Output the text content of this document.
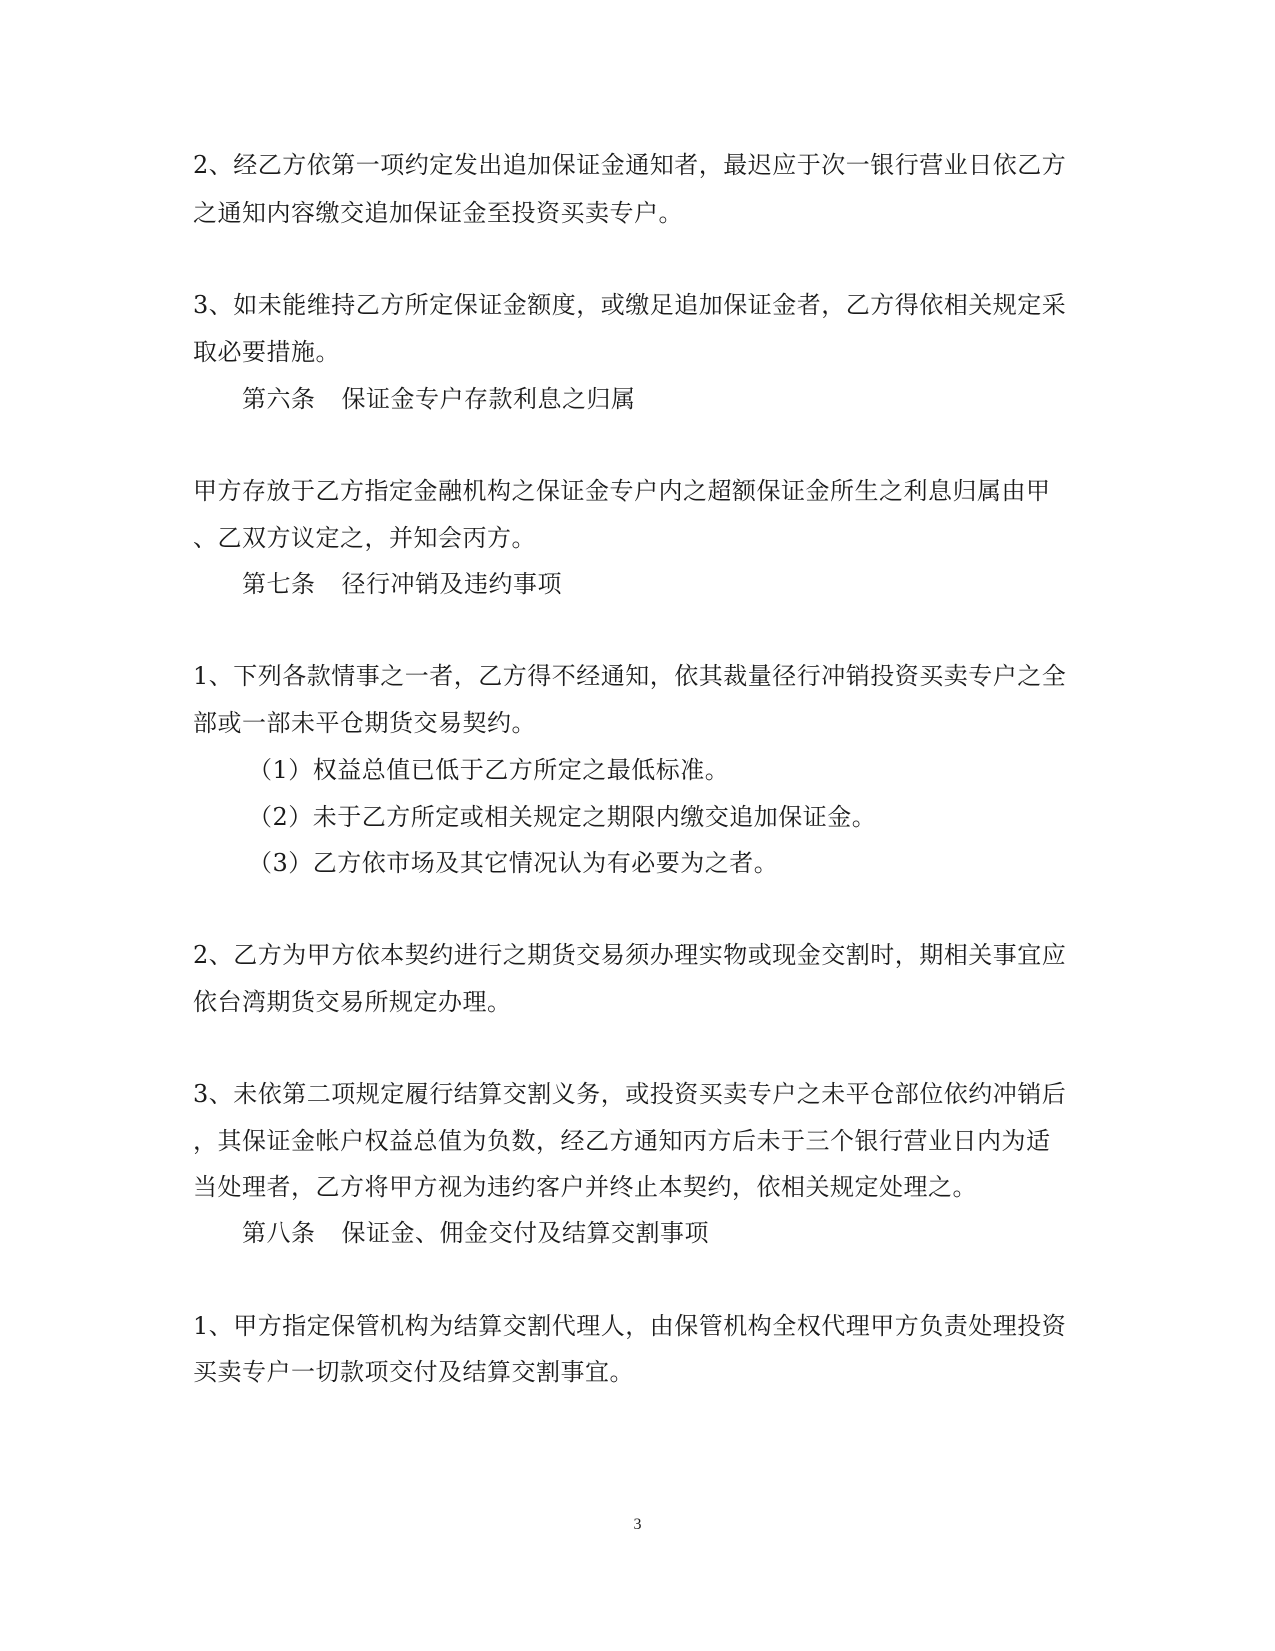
2、经乙方依第一项约定发出追加保证金通知者，最迟应于次一银行营业日依乙方
之通知内容缴交追加保证金至投资买卖专户。
3、如未能维持乙方所定保证金额度，或缴足追加保证金者，乙方得依相关规定采
取必要措施。
第六条 保证金专户存款利息之归属
甲方存放于乙方指定金融机构之保证金专户内之超额保证金所生之利息归属由甲
、乙双方议定之，并知会丙方。
第七条 径行冲销及违约事项
1、下列各款情事之一者，乙方得不经通知，依其裁量径行冲销投资买卖专户之全
部或一部未平仓期货交易契约。
（1）权益总值已低于乙方所定之最低标准。
（2）未于乙方所定或相关规定之期限内缴交追加保证金。
（3）乙方依市场及其它情况认为有必要为之者。
2、乙方为甲方依本契约进行之期货交易须办理实物或现金交割时，期相关事宜应
依台湾期货交易所规定办理。
3、未依第二项规定履行结算交割义务，或投资买卖专户之未平仓部位依约冲销后
，其保证金帐户权益总值为负数，经乙方通知丙方后未于三个银行营业日内为适
当处理者，乙方将甲方视为违约客户并终止本契约，依相关规定处理之。
第八条 保证金、佣金交付及结算交割事项
1、甲方指定保管机构为结算交割代理人，由保管机构全权代理甲方负责处理投资
买卖专户一切款项交付及结算交割事宜。
3
